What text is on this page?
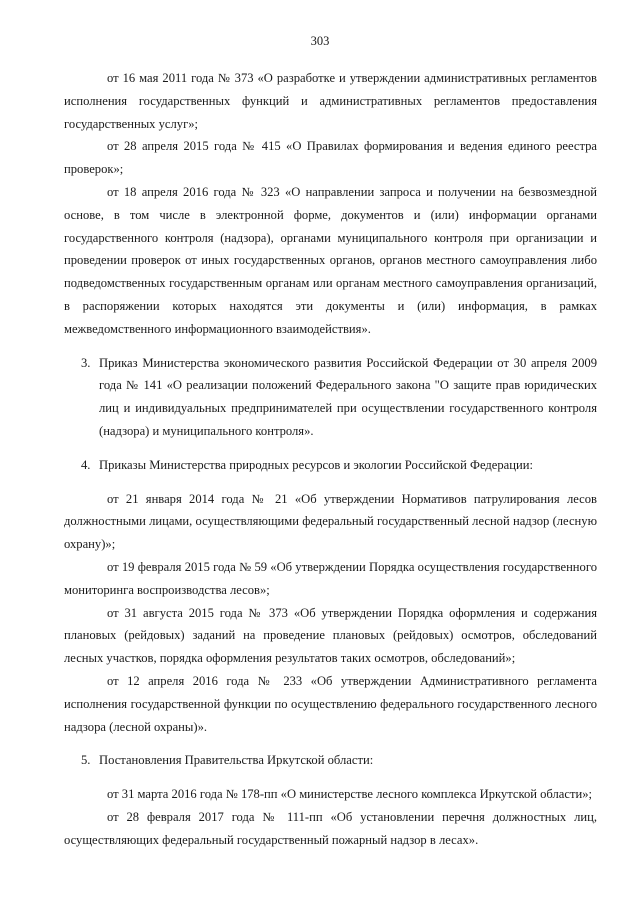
303

от 16 мая 2011 года № 373 «О разработке и утверждении административных регламентов исполнения государственных функций и административных регламентов предоставления государственных услуг»;

от 28 апреля 2015 года № 415 «О Правилах формирования и ведения единого реестра проверок»;

от 18 апреля 2016 года № 323 «О направлении запроса и получении на безвозмездной основе, в том числе в электронной форме, документов и (или) информации органами государственного контроля (надзора), органами муниципального контроля при организации и проведении проверок от иных государственных органов, органов местного самоуправления либо подведомственных государственным органам или органам местного самоуправления организаций, в распоряжении которых находятся эти документы и (или) информация, в рамках межведомственного информационного взаимодействия».

3. Приказ Министерства экономического развития Российской Федерации от 30 апреля 2009 года № 141 «О реализации положений Федерального закона "О защите прав юридических лиц и индивидуальных предпринимателей при осуществлении государственного контроля (надзора) и муниципального контроля».

4. Приказы Министерства природных ресурсов и экологии Российской Федерации:

от 21 января 2014 года № 21 «Об утверждении Нормативов патрулирования лесов должностными лицами, осуществляющими федеральный государственный лесной надзор (лесную охрану)»;

от 19 февраля 2015 года № 59 «Об утверждении Порядка осуществления государственного мониторинга воспроизводства лесов»;

от 31 августа 2015 года № 373 «Об утверждении Порядка оформления и содержания плановых (рейдовых) заданий на проведение плановых (рейдовых) осмотров, обследований лесных участков, порядка оформления результатов таких осмотров, обследований»;

от 12 апреля 2016 года № 233 «Об утверждении Административного регламента исполнения государственной функции по осуществлению федерального государственного лесного надзора (лесной охраны)».

5. Постановления Правительства Иркутской области:

от 31 марта 2016 года № 178-пп «О министерстве лесного комплекса Иркутской области»;

от 28 февраля 2017 года № 111-пп «Об установлении перечня должностных лиц, осуществляющих федеральный государственный пожарный надзор в лесах».
